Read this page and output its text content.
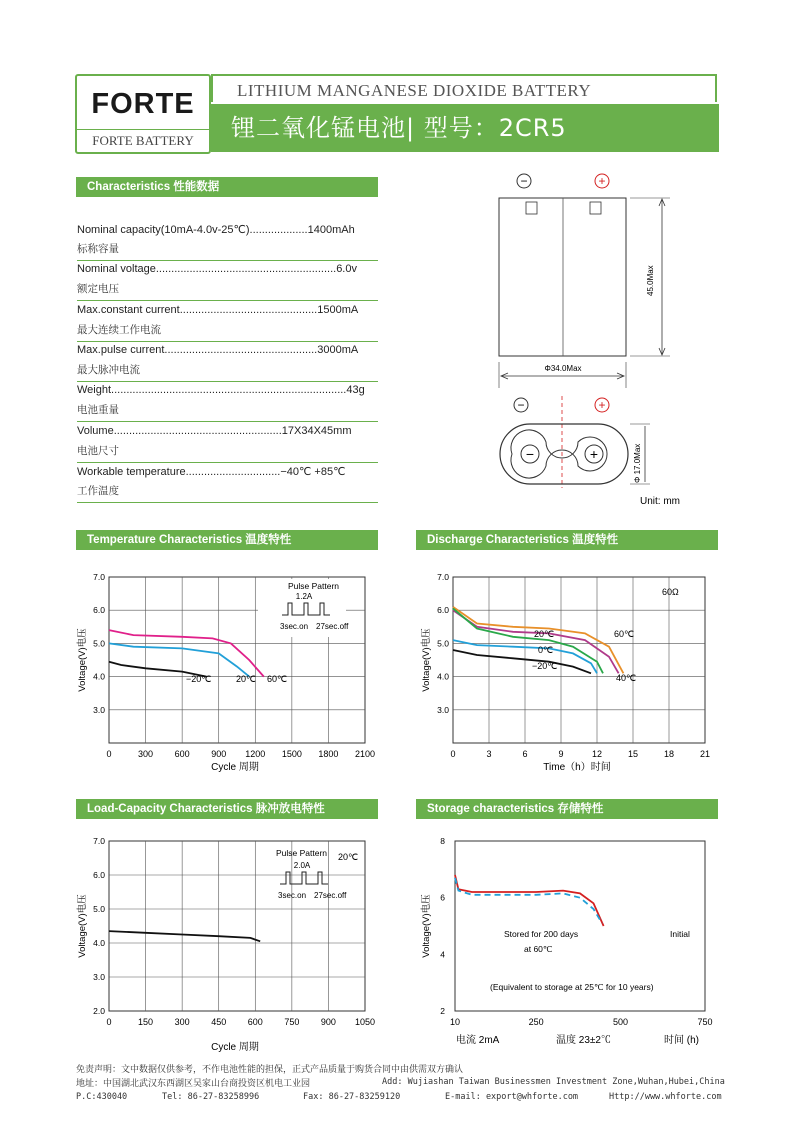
FORTE
FORTE BATTERY
LITHIUM MANGANESE DIOXIDE BATTERY
锂二氧化锰电池| 型号：2CR5
Characteristics 性能数据
Nominal capacity(10mA-4.0v-25℃)...................1400mAh
标称容量
Nominal voltage...........................................................6.0v
额定电压
Max.constant current.............................................1500mA
最大连续工作电流
Max.pulse current..................................................3000mA
最大脉冲电流
Weight.............................................................................43g
电池重量
Volume.......................................................17X34X45mm
电池尺寸
Workable temperature...............................−40℃ +85℃
工作温度
−	+
45.0Max
Φ34.0Max
−	+
−	+	Φ 17.0Max
Unit: mm
Temperature Characteristics 温度特性	Discharge Characteristics 温度特性
Load-Capacity Characteristics 脉冲放电特性	Storage characteristics 存储特性
0	300 600 900 1200 1500 1800 2100
7.0
6.0
5.0
4.0
3.0
Voltage(V)电压
Cycle 周期
Pulse Pattern
1.2A
3sec.on 27sec.off
−20℃	20℃ 60℃
0	3	6	9	12	15	18	21
7.0
6.0
5.0
4.0
3.0
Voltage(V)电压
Time（h）时间
60Ω
20℃	60℃
0℃
−20℃
40℃
0	150 300 450 600 750 900 1050
7.0
6.0
5.0
4.0
3.0
2.0
Voltage(V)电压
Cycle 周期
Pulse Pattern 20℃
2.0A
3sec.on 27sec.off
10	250	500	750
8
6
4
2
Voltage(V)电压	Stored for 200 days
at 60℃
Initial
(Equivalent to storage at 25℃ for 10 years)
电流 2mA	温度 23±2℃	时间 (h)
免责声明：文中数据仅供参考，不作电池性能的担保，正式产品质量于购货合同中由供需双方确认
地址：中国湖北武汉东西湖区吴家山台商投资区机电工业园	Add: Wujiashan Taiwan Businessmen Investment Zone,Wuhan,Hubei,China
P.C:430040	Tel: 86-27-83258996	Fax: 86-27-83259120	E-mail: export@whforte.com	Http://www.whforte.com
